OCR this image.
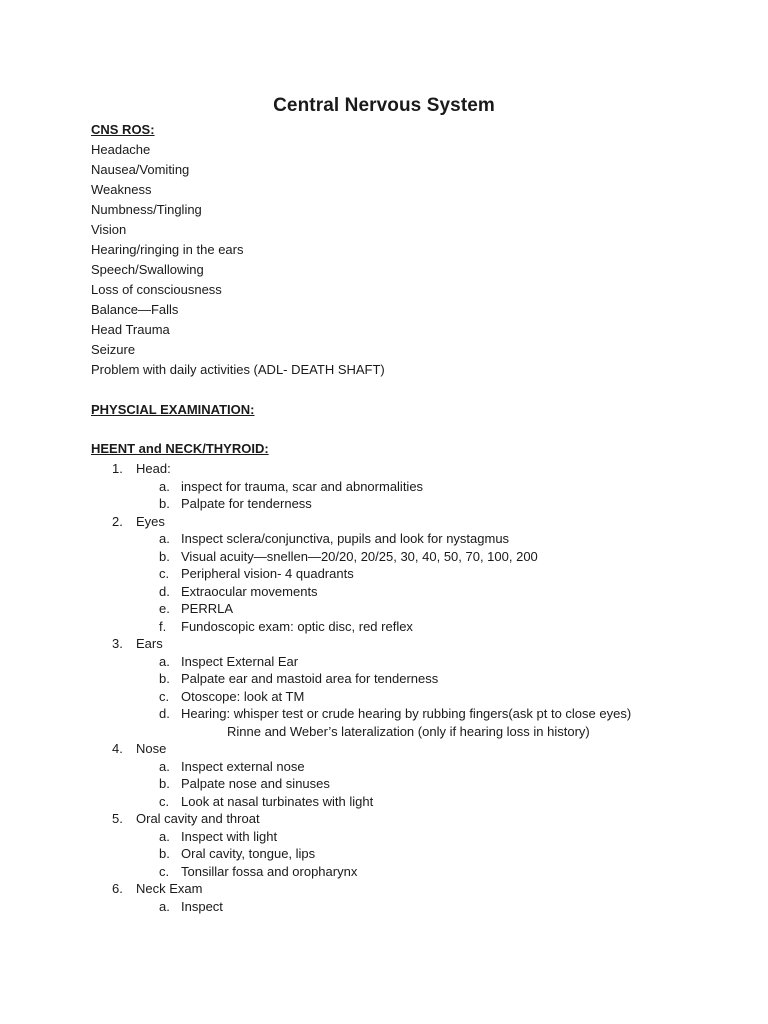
Central Nervous System
CNS ROS:
Headache
Nausea/Vomiting
Weakness
Numbness/Tingling
Vision
Hearing/ringing in the ears
Speech/Swallowing
Loss of consciousness
Balance—Falls
Head Trauma
Seizure
Problem with daily activities (ADL- DEATH SHAFT)
PHYSCIAL EXAMINATION:
HEENT and NECK/THYROID:
1. Head:
a. inspect for trauma, scar and abnormalities
b. Palpate for tenderness
2. Eyes
a. Inspect sclera/conjunctiva, pupils and look for nystagmus
b. Visual acuity—snellen—20/20, 20/25, 30, 40, 50, 70, 100, 200
c. Peripheral vision- 4 quadrants
d. Extraocular movements
e. PERRLA
f. Fundoscopic exam: optic disc, red reflex
3. Ears
a. Inspect External Ear
b. Palpate ear and mastoid area for tenderness
c. Otoscope: look at TM
d. Hearing: whisper test or crude hearing by rubbing fingers(ask pt to close eyes)
Rinne and Weber’s lateralization (only if hearing loss in history)
4. Nose
a. Inspect external nose
b. Palpate nose and sinuses
c. Look at nasal turbinates with light
5. Oral cavity and throat
a. Inspect with light
b. Oral cavity, tongue, lips
c. Tonsillar fossa and oropharynx
6. Neck Exam
a. Inspect
